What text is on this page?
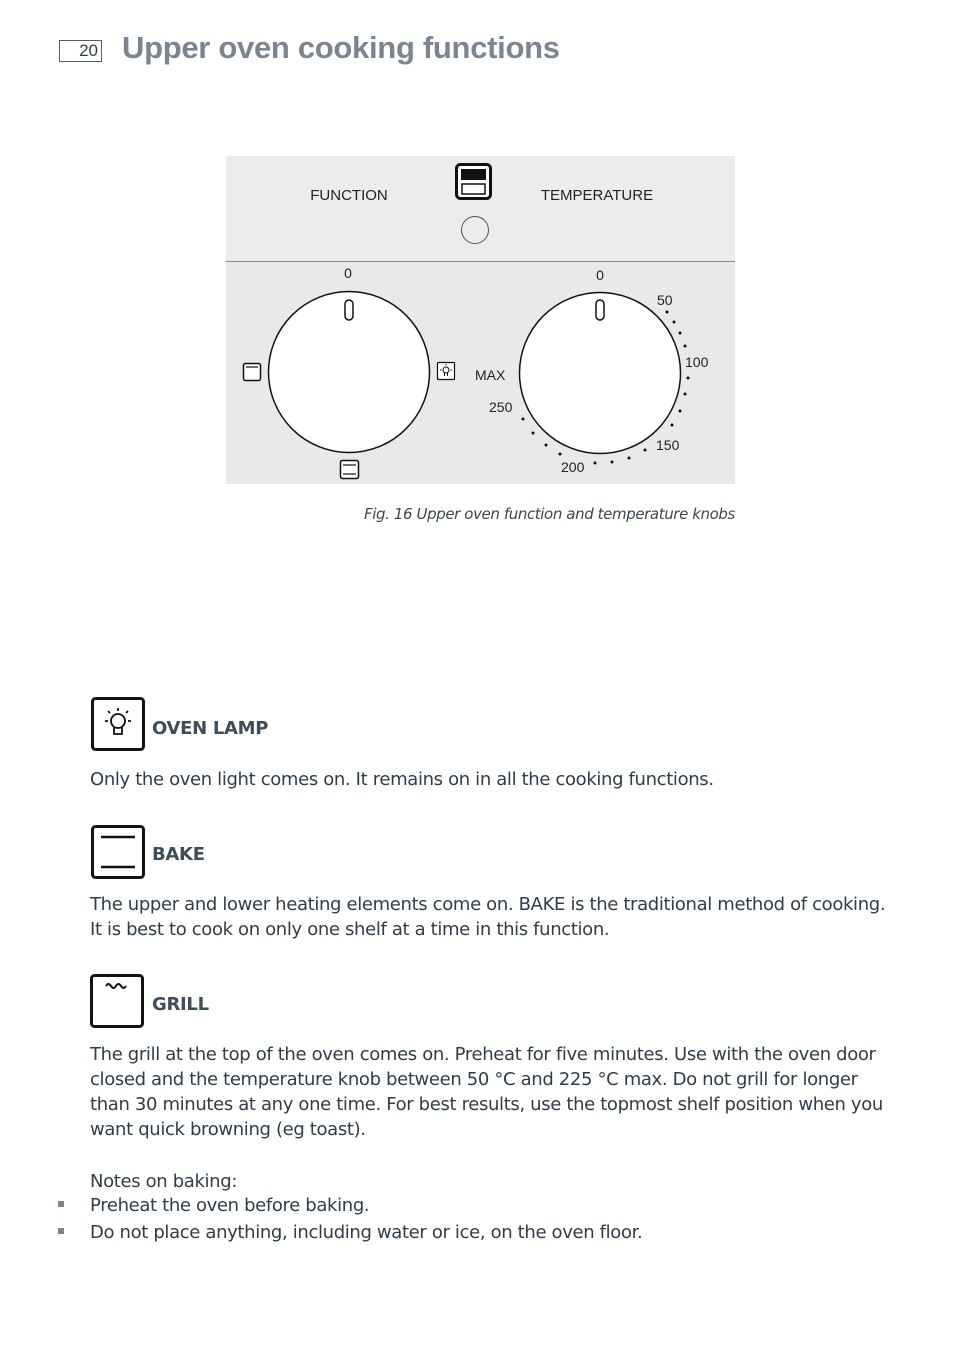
20 Upper oven cooking functions
FUNCTION	TEMPERATURE
0	0
50
100
150
200
250
MAX
Fig. 16 Upper oven function and temperature knobs
OVEN LAMP
Only the oven light comes on. It remains on in all the cooking functions.
BAKE
The upper and lower heating elements come on. BAKE is the traditional method of cooking. It is best to cook on only one shelf at a time in this function.
GRILL
The grill at the top of the oven comes on. Preheat for five minutes. Use with the oven door closed and the temperature knob between 50 °C and 225 °C max. Do not grill for longer than 30 minutes at any one time. For best results, use the topmost shelf position when you want quick browning (eg toast).
Notes on baking:
Preheat the oven before baking.
Do not place anything, including water or ice, on the oven floor.
